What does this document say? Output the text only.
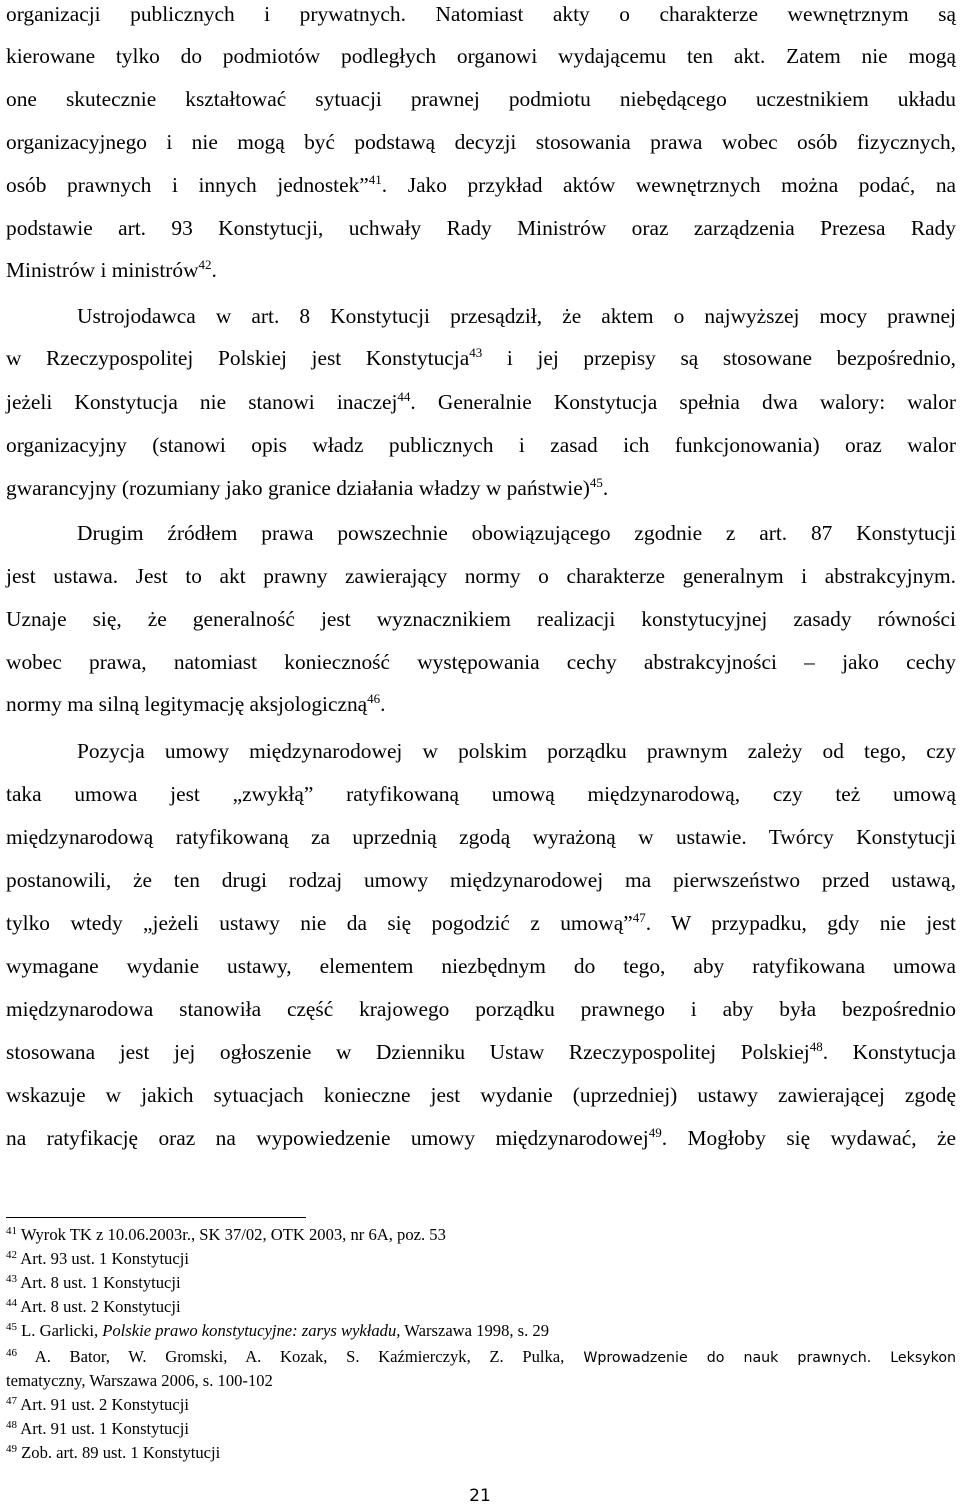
organizacji publicznych i prywatnych. Natomiast akty o charakterze wewnętrznym są
kierowane tylko do podmiotów podległych organowi wydającemu ten akt. Zatem nie mogą
one skutecznie kształtować sytuacji prawnej podmiotu niebędącego uczestnikiem układu
organizacyjnego i nie mogą być podstawą decyzji stosowania prawa wobec osób fizycznych,
osób prawnych i innych jednostek”$^{41}$. Jako przykład aktów wewnętrznych można podać, na
podstawie art. 93 Konstytucji, uchwały Rady Ministrów oraz zarządzenia Prezesa Rady
Ministrów i ministrów$^{42}$.
Ustrojodawca w art. 8 Konstytucji przesądził, że aktem o najwyższej mocy prawnej
w Rzeczypospolitej Polskiej jest Konstytucja$^{43}$ i jej przepisy są stosowane bezpośrednio,
jeżeli Konstytucja nie stanowi inaczej$^{44}$. Generalnie Konstytucja spełnia dwa walory: walor
organizacyjny (stanowi opis władz publicznych i zasad ich funkcjonowania) oraz walor
gwarancyjny (rozumiany jako granice działania władzy w państwie)$^{45}$.
Drugim źródłem prawa powszechnie obowiązującego zgodnie z art. 87 Konstytucji
jest ustawa. Jest to akt prawny zawierający normy o charakterze generalnym i abstrakcyjnym.
Uznaje się, że generalność jest wyznacznikiem realizacji konstytucyjnej zasady równości
wobec prawa, natomiast konieczność występowania cechy abstrakcyjności – jako cechy
normy ma silną legitymację aksjologiczną$^{46}$.
Pozycja umowy międzynarodowej w polskim porządku prawnym zależy od tego, czy
taka umowa jest „zwykłą” ratyfikowaną umową międzynarodową, czy też umową
międzynarodową ratyfikowaną za uprzednią zgodą wyrażoną w ustawie. Twórcy Konstytucji
postanowili, że ten drugi rodzaj umowy międzynarodowej ma pierwszeństwo przed ustawą,
tylko wtedy „jeżeli ustawy nie da się pogodzić z umową”$^{47}$. W przypadku, gdy nie jest
wymagane wydanie ustawy, elementem niezbędnym do tego, aby ratyfikowana umowa
międzynarodowa stanowiła część krajowego porządku prawnego i aby była bezpośrednio
stosowana jest jej ogłoszenie w Dzienniku Ustaw Rzeczypospolitej Polskiej$^{48}$. Konstytucja
wskazuje w jakich sytuacjach konieczne jest wydanie (uprzedniej) ustawy zawierającej zgodę
na ratyfikację oraz na wypowiedzenie umowy międzynarodowej$^{49}$. Mogłoby się wydawać, że
$^{41}$ Wyrok TK z 10.06.2003r., SK 37/02, OTK 2003, nr 6A, poz. 53
$^{42}$ Art. 93 ust. 1 Konstytucji
$^{43}$ Art. 8 ust. 1 Konstytucji
$^{44}$ Art. 8 ust. 2 Konstytucji
$^{45}$ L. Garlicki, Polskie prawo konstytucyjne: zarys wykładu, Warszawa 1998, s. 29
$^{46}$ A. Bator, W. Gromski, A. Kozak, S. Kaźmierczyk, Z. Pulka, Wprowadzenie do nauk prawnych. Leksykon
tematyczny, Warszawa 2006, s. 100-102
$^{47}$ Art. 91 ust. 2 Konstytucji
$^{48}$ Art. 91 ust. 1 Konstytucji
$^{49}$ Zob. art. 89 ust. 1 Konstytucji
21
